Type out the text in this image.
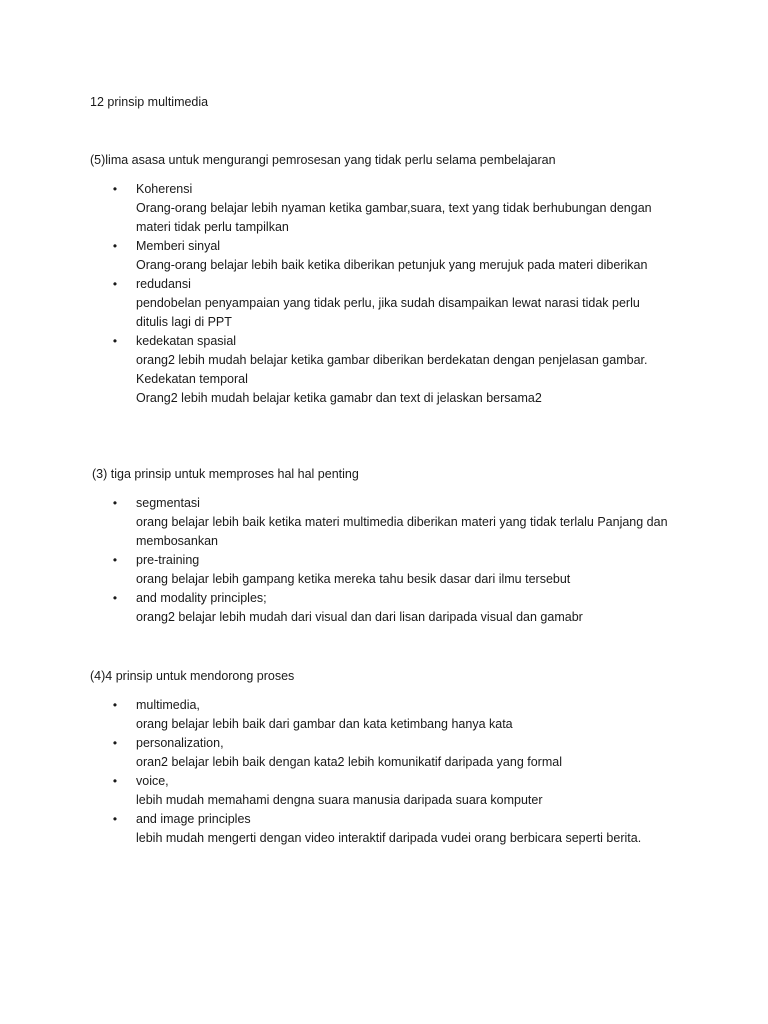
12 prinsip multimedia
(5)lima asasa untuk mengurangi pemrosesan yang tidak perlu selama pembelajaran
• Koherensi
Orang-orang belajar lebih nyaman ketika gambar,suara, text yang tidak berhubungan dengan materi tidak perlu tampilkan
• Memberi sinyal
Orang-orang belajar lebih baik ketika diberikan petunjuk yang merujuk pada materi diberikan
• redudansi
pendobelan penyampaian yang tidak perlu, jika sudah disampaikan lewat narasi tidak perlu ditulis lagi di PPT
• kedekatan spasial
orang2 lebih mudah belajar ketika gambar diberikan berdekatan dengan penjelasan gambar.
Kedekatan temporal
Orang2 lebih mudah belajar ketika gamabr dan text di jelaskan bersama2
(3) tiga prinsip untuk memproses hal hal penting
• segmentasi
orang belajar lebih baik ketika materi multimedia diberikan materi yang tidak terlalu Panjang dan membosankan
• pre-training
orang belajar lebih gampang ketika mereka tahu besik dasar dari ilmu tersebut
• and modality principles;
orang2 belajar lebih mudah dari visual dan dari lisan daripada visual dan gamabr
(4)4 prinsip untuk mendorong proses
• multimedia,
orang belajar lebih baik dari gambar dan kata ketimbang hanya kata
• personalization,
oran2 belajar lebih baik dengan kata2 lebih komunikatif daripada yang formal
• voice,
lebih mudah memahami dengna suara manusia daripada suara komputer
• and image principles
lebih mudah mengerti dengan video interaktif daripada vudei orang berbicara seperti berita.
